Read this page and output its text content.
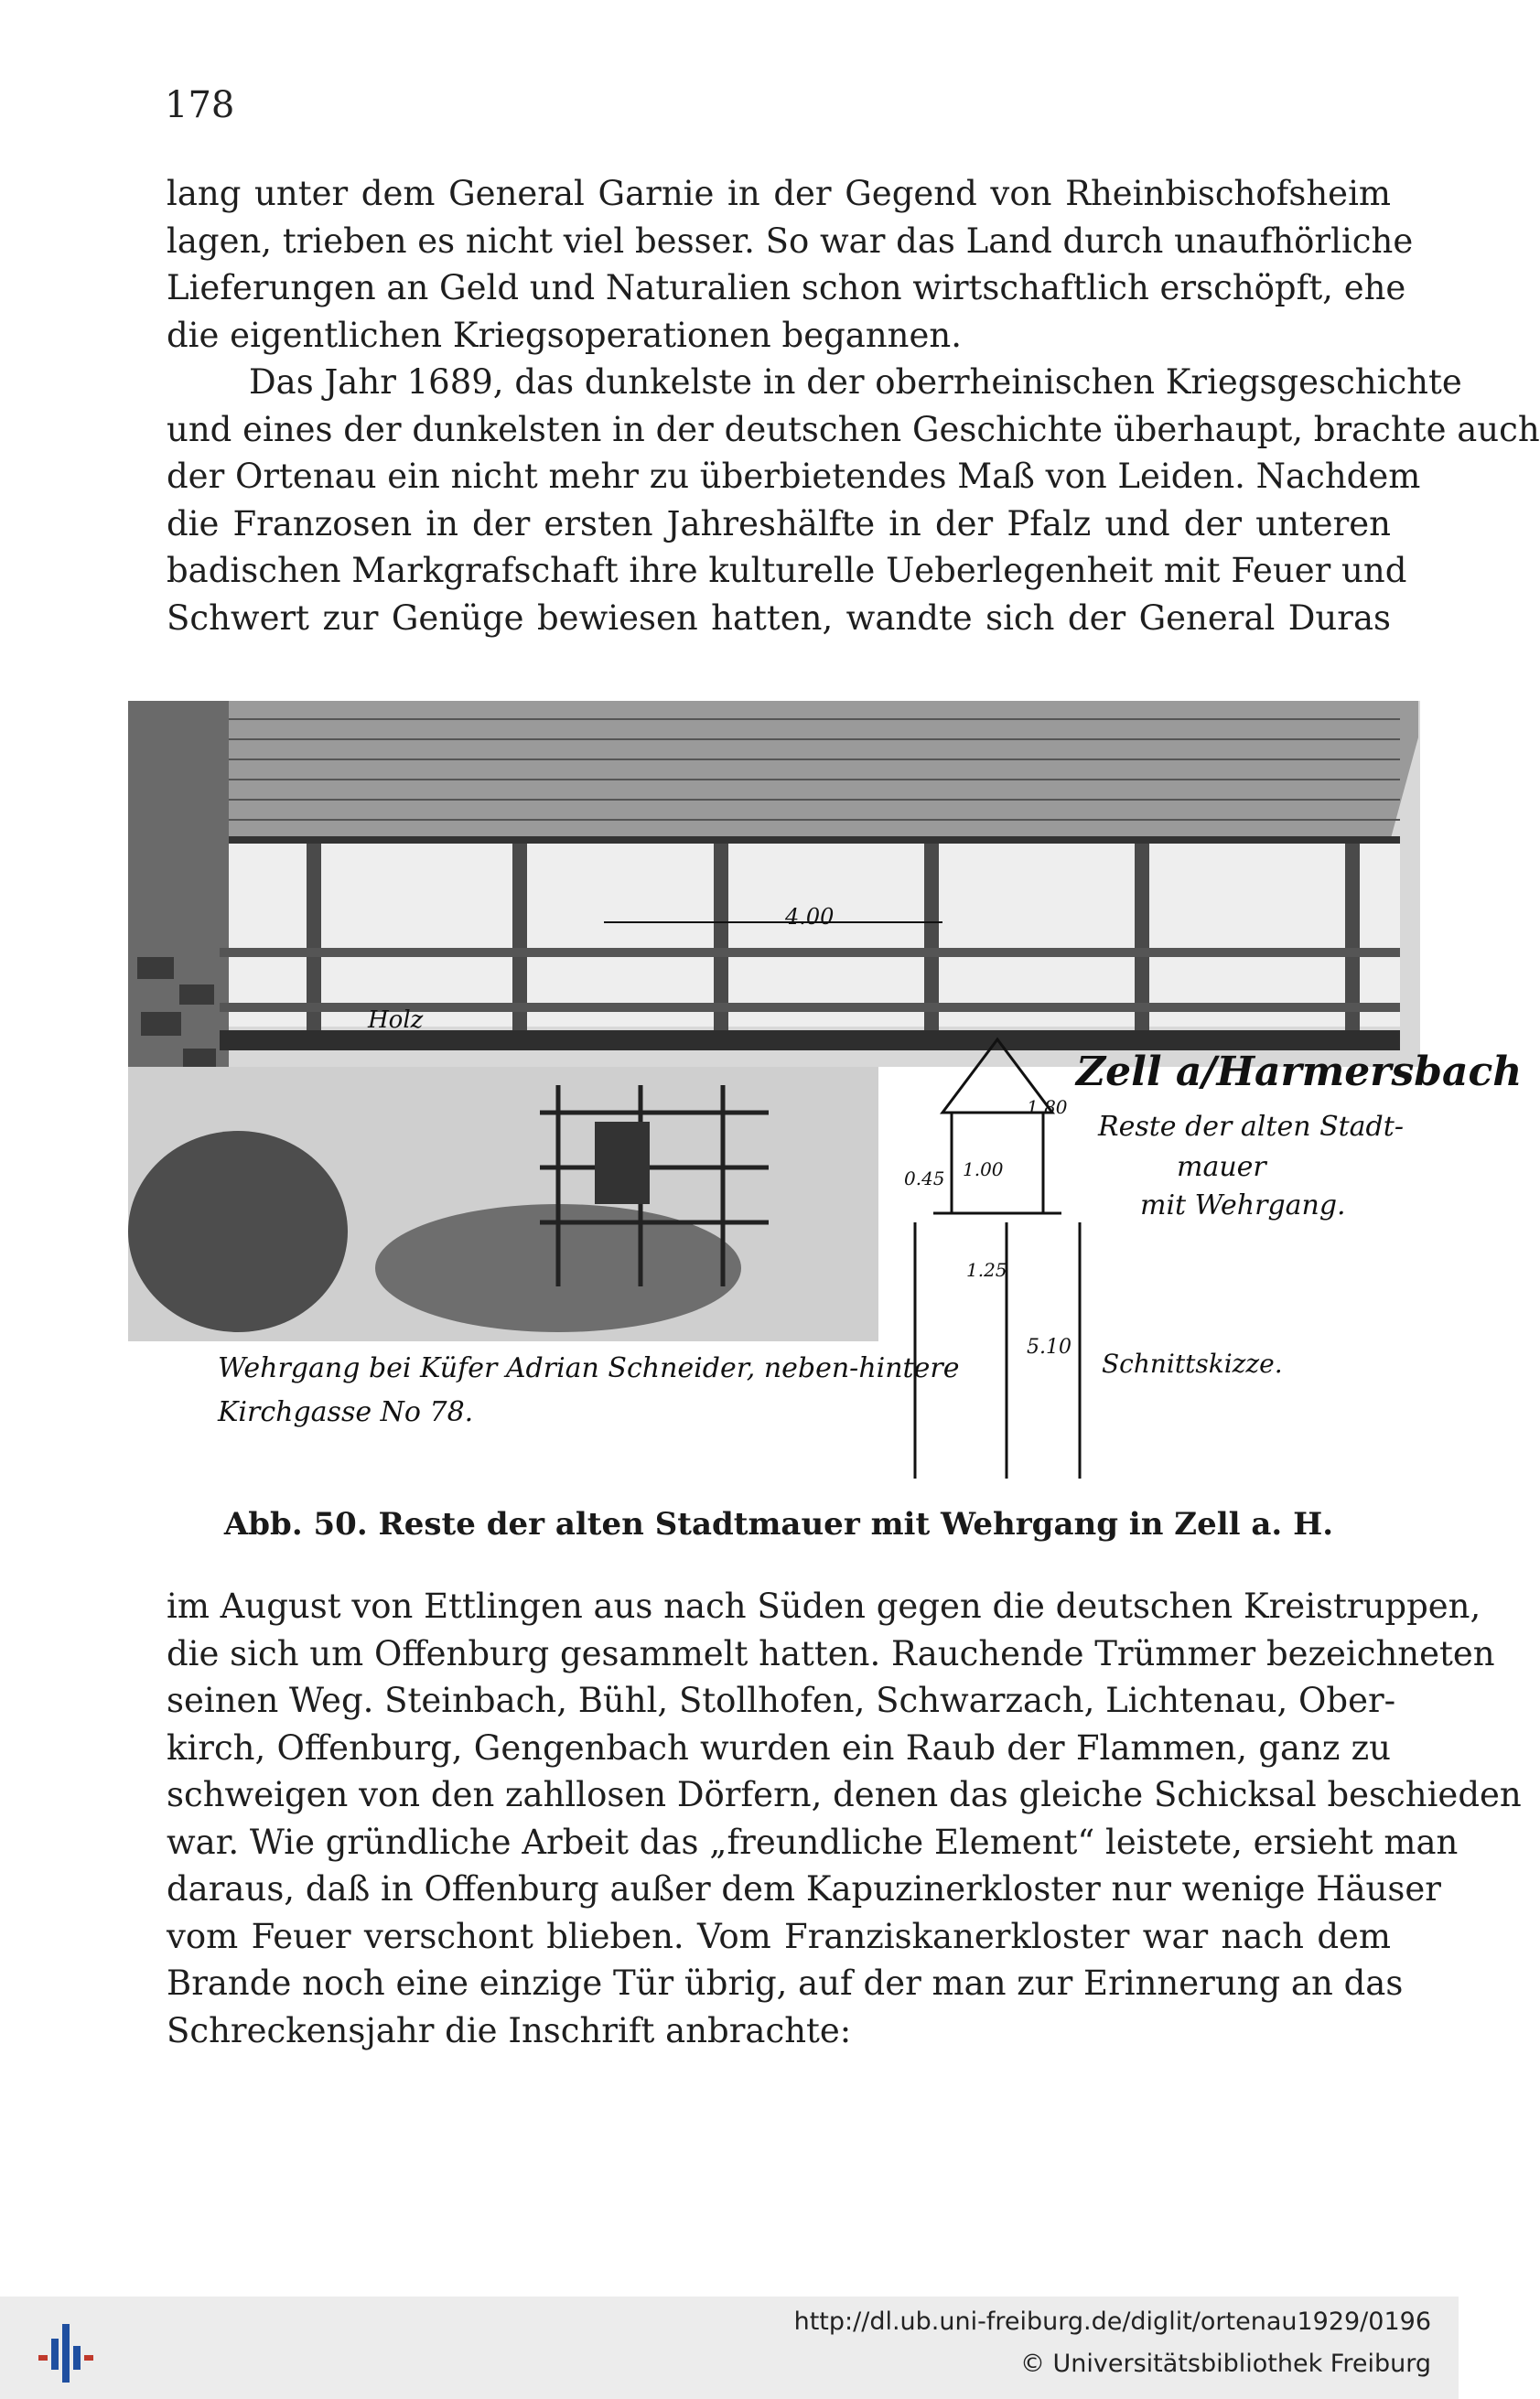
178
lang unter dem General Garnie in der Gegend von Rheinbischofsheim
lagen, trieben es nicht viel besser. So war das Land durch unaufhörliche
Lieferungen an Geld und Naturalien schon wirtschaftlich erschöpft, ehe
die eigentlichen Kriegsoperationen begannen.
Das Jahr 1689, das dunkelste in der oberrheinischen Kriegsgeschichte
und eines der dunkelsten in der deutschen Geschichte überhaupt, brachte auch
der Ortenau ein nicht mehr zu überbietendes Maß von Leiden. Nachdem
die Franzosen in der ersten Jahreshälfte in der Pfalz und der unteren
badischen Markgrafschaft ihre kulturelle Ueberlegenheit mit Feuer und
Schwert zur Genüge bewiesen hatten, wandte sich der General Duras
Holz
4.00
1.80
1.00
0.45
1.25
5.10
Zell a/Harmersbach
Reste der alten Stadt-
mauer
mit Wehrgang.
Schnittskizze.
Wehrgang bei Küfer Adrian Schneider, neben-hintere
Kirchgasse No 78.
Abb. 50. Reste der alten Stadtmauer mit Wehrgang in Zell a. H.
im August von Ettlingen aus nach Süden gegen die deutschen Kreistruppen,
die sich um Offenburg gesammelt hatten. Rauchende Trümmer bezeichneten
seinen Weg. Steinbach, Bühl, Stollhofen, Schwarzach, Lichtenau, Ober-
kirch, Offenburg, Gengenbach wurden ein Raub der Flammen, ganz zu
schweigen von den zahllosen Dörfern, denen das gleiche Schicksal beschieden
war. Wie gründliche Arbeit das „freundliche Element“ leistete, ersieht man
daraus, daß in Offenburg außer dem Kapuzinerkloster nur wenige Häuser
vom Feuer verschont blieben. Vom Franziskanerkloster war nach dem
Brande noch eine einzige Tür übrig, auf der man zur Erinnerung an das
Schreckensjahr die Inschrift anbrachte:
http://dl.ub.uni-freiburg.de/diglit/ortenau1929/0196
© Universitätsbibliothek Freiburg
